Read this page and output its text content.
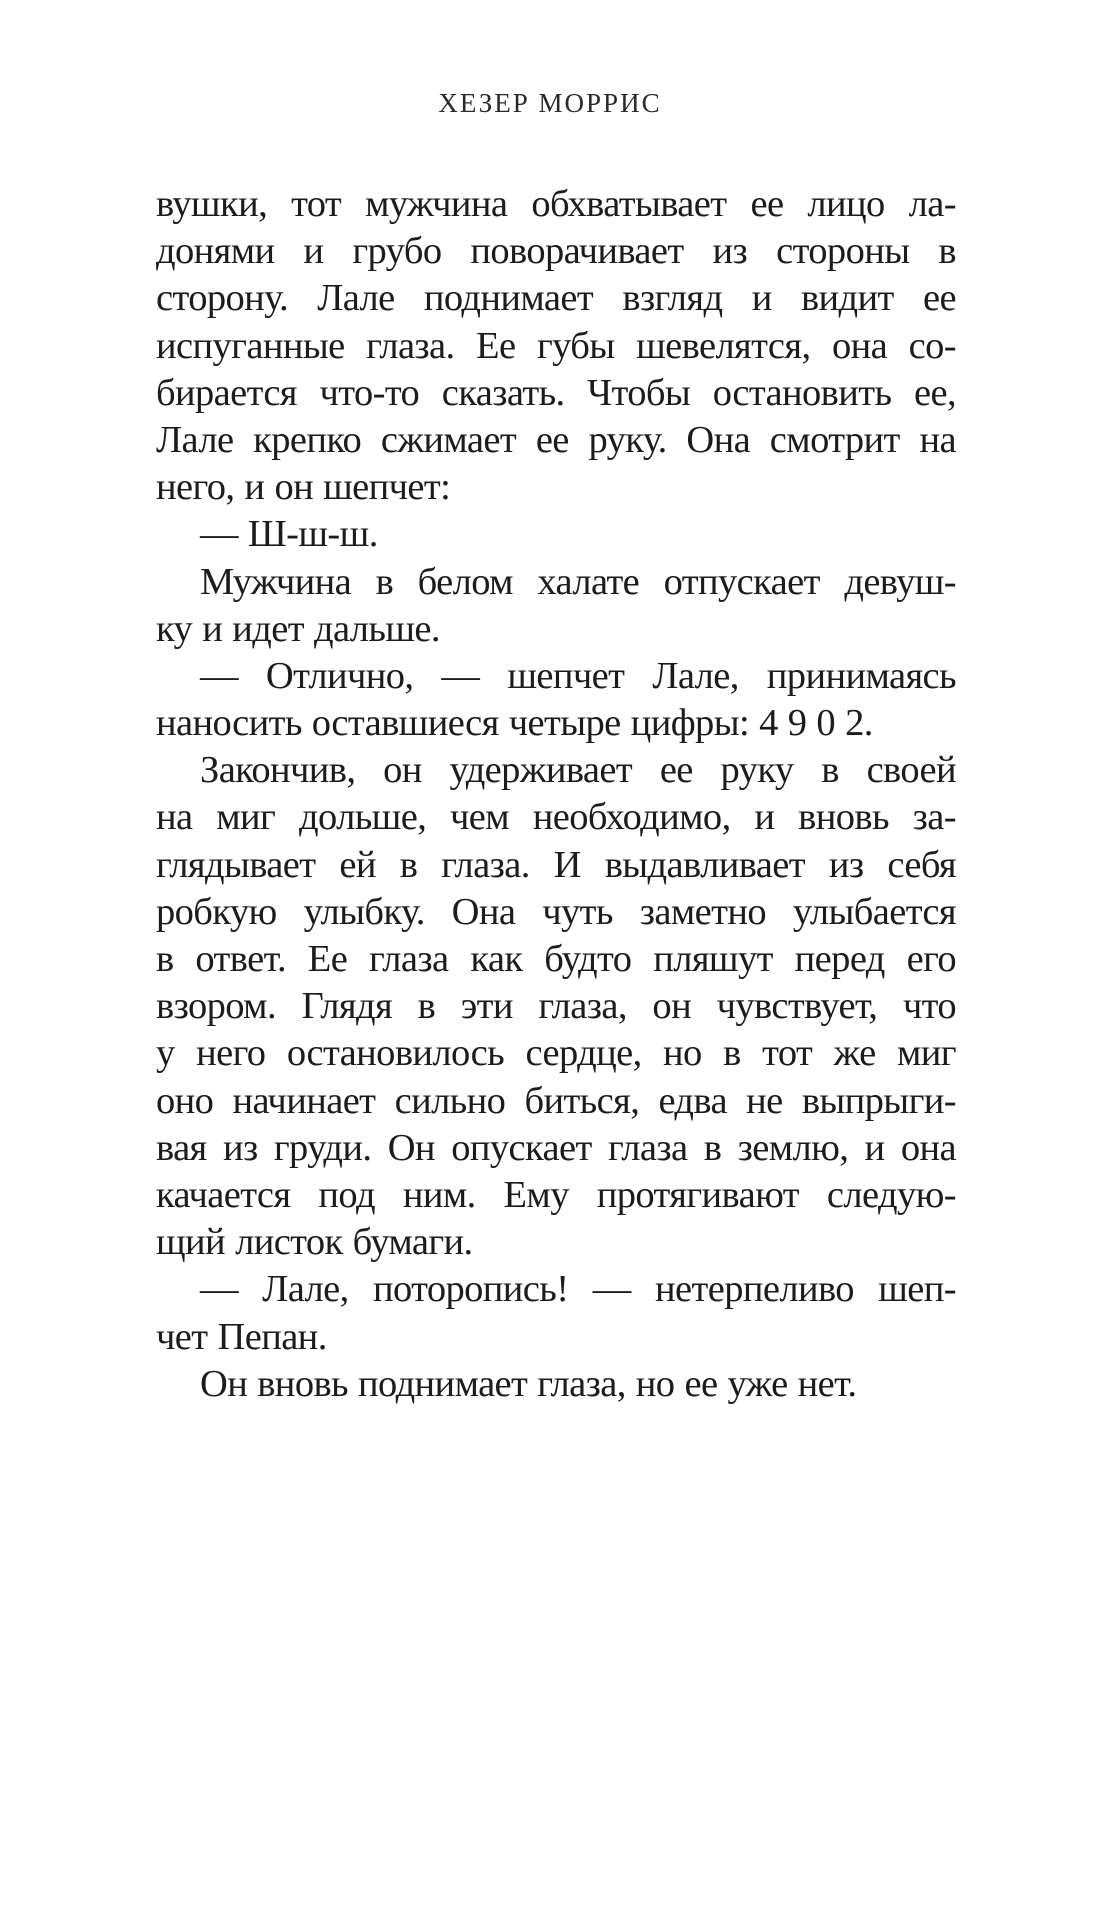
ХЕЗЕР МОРРИС
вушки, тот мужчина обхватывает ее лицо ла-
донями и грубо поворачивает из стороны в
сторону. Лале поднимает взгляд и видит ее
испуганные глаза. Ее губы шевелятся, она со-
бирается что-то сказать. Чтобы остановить ее,
Лале крепко сжимает ее руку. Она смотрит на
него, и он шепчет:
— Ш-ш-ш.
Мужчина в белом халате отпускает девуш-
ку и идет дальше.
— Отлично, — шепчет Лале, принимаясь
наносить оставшиеся четыре цифры: 4 9 0 2.
Закончив, он удерживает ее руку в своей
на миг дольше, чем необходимо, и вновь за-
глядывает ей в глаза. И выдавливает из себя
робкую улыбку. Она чуть заметно улыбается
в ответ. Ее глаза как будто пляшут перед его
взором. Глядя в эти глаза, он чувствует, что
у него остановилось сердце, но в тот же миг
оно начинает сильно биться, едва не выпрыги-
вая из груди. Он опускает глаза в землю, и она
качается под ним. Ему протягивают следую-
щий листок бумаги.
— Лале, поторопись! — нетерпеливо шеп-
чет Пепан.
Он вновь поднимает глаза, но ее уже нет.
